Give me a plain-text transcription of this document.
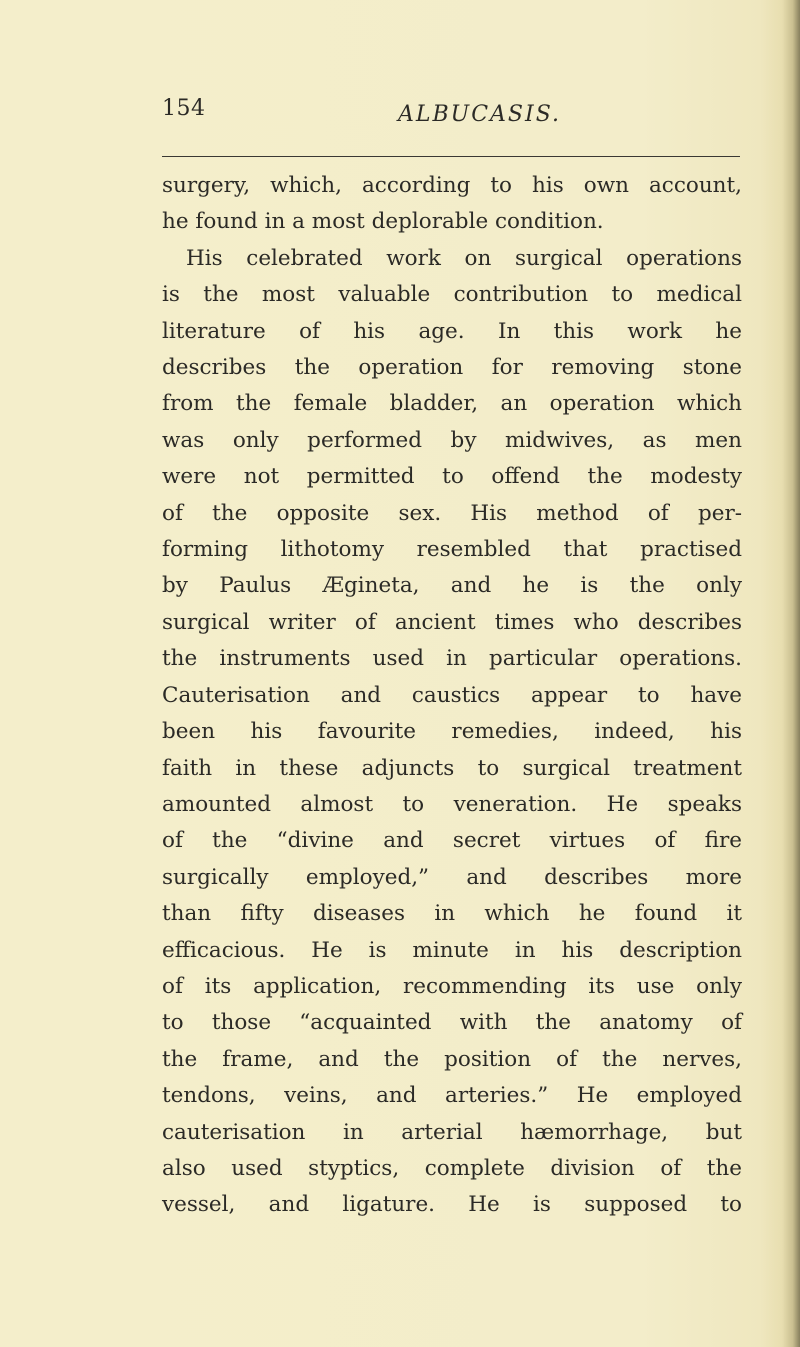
154	ALBUCASIS.
surgery, which, according to his own account,
he found in a most deplorable condition.
His celebrated work on surgical operations
is the most valuable contribution to medical
literature of his age. In this work he
describes the operation for removing stone
from the female bladder, an operation which
was only performed by midwives, as men
were not permitted to offend the modesty
of the opposite sex. His method of per-
forming lithotomy resembled that practised
by Paulus Ægineta, and he is the only
surgical writer of ancient times who describes
the instruments used in particular operations.
Cauterisation and caustics appear to have
been his favourite remedies, indeed, his
faith in these adjuncts to surgical treatment
amounted almost to veneration. He speaks
of the “divine and secret virtues of fire
surgically employed,” and describes more
than fifty diseases in which he found it
efficacious. He is minute in his description
of its application, recommending its use only
to those “acquainted with the anatomy of
the frame, and the position of the nerves,
tendons, veins, and arteries.” He employed
cauterisation in arterial hæmorrhage, but
also used styptics, complete division of the
vessel, and ligature. He is supposed to
